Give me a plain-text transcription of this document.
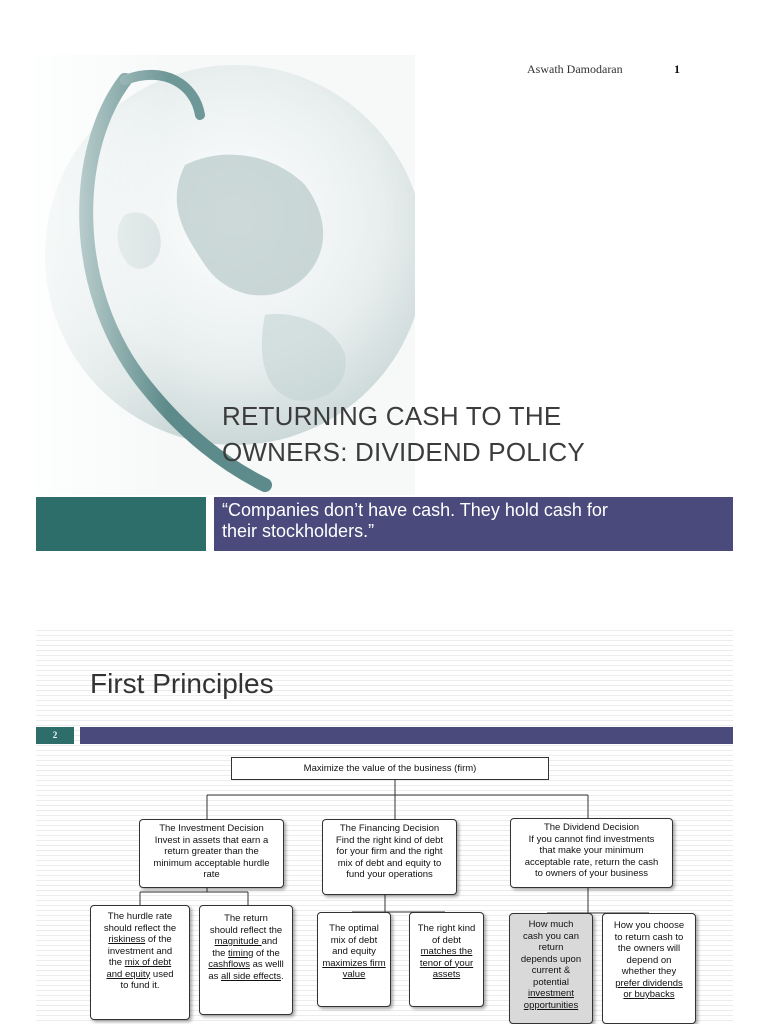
Aswath Damodaran	1
RETURNING CASH TO THE
OWNERS: DIVIDEND POLICY
“Companies don’t have cash. They hold cash for
their stockholders.”
First Principles
2
Maximize the value of the business (firm)
The Investment Decision
Invest in assets that earn a
return greater than the
minimum acceptable hurdle
rate
The Financing Decision
Find the right kind of debt
for your firm and the right
mix of debt and equity to
fund your operations
The Dividend Decision
If you cannot find investments
that make your minimum
acceptable rate, return the cash
to owners of your business
The hurdle rate
should reflect the
riskiness of the
investment and
the mix of debt
and equity used
to fund it.
The return
should reflect the
magnitude and
the timing of the
cashflows as welll
as all side effects.
The optimal
mix of debt
and equity
maximizes firm
value
The right kind
of debt
matches the
tenor of your
assets
How much
cash you can
return
depends upon
current &
potential
investment
opportunities
How you choose
to return cash to
the owners will
depend on
whether they
prefer dividends
or buybacks
